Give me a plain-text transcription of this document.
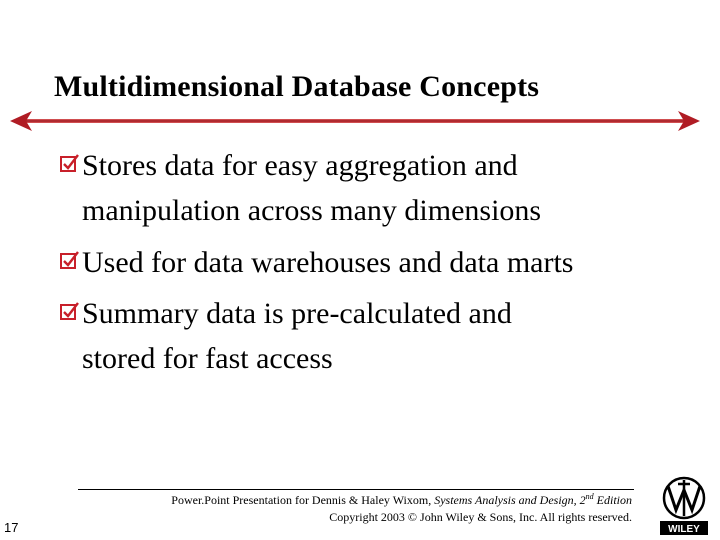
Multidimensional Database Concepts
Stores data for easy aggregation and
manipulation across many dimensions
Used for data warehouses and data marts
Summary data is pre-calculated and
stored for fast access
Power.Point Presentation for Dennis & Haley Wixom, Systems Analysis and Design, 2nd Edition
Copyright 2003 © John Wiley & Sons, Inc. All rights reserved.
17	WILEY
